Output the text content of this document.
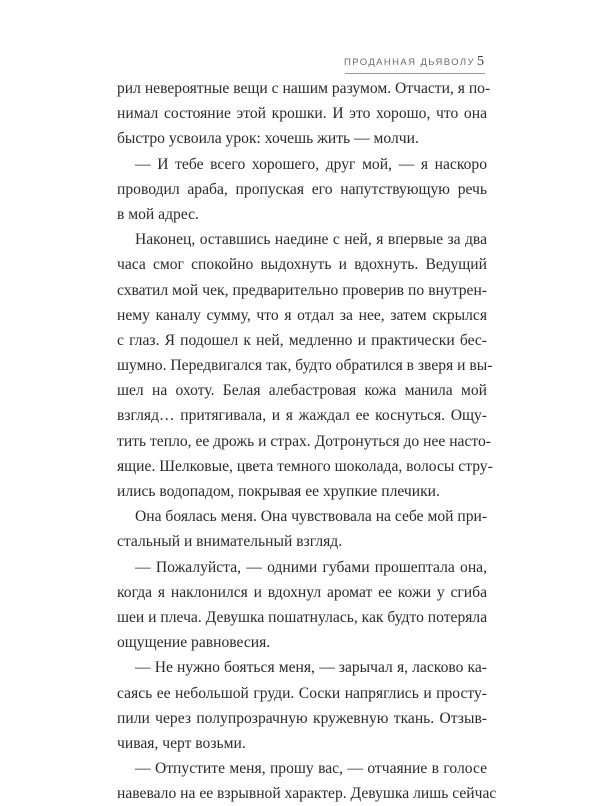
ПРОДАННАЯ ДЬЯВОЛУ 5
рил невероятные вещи с нашим разумом. Отчасти, я по-
нимал состояние этой крошки. И это хорошо, что она
быстро усвоила урок: хочешь жить — молчи.
— И тебе всего хорошего, друг мой, — я наскоро
проводил араба, пропуская его напутствующую речь
в мой адрес.
Наконец, оставшись наедине с ней, я впервые за два
часа смог спокойно выдохнуть и вдохнуть. Ведущий
схватил мой чек, предварительно проверив по внутрен-
нему каналу сумму, что я отдал за нее, затем скрылся
с глаз. Я подошел к ней, медленно и практически бес-
шумно. Передвигался так, будто обратился в зверя и вы-
шел на охоту. Белая алебастровая кожа манила мой
взгляд… притягивала, и я жаждал ее коснуться. Ощу-
тить тепло, ее дрожь и страх. Дотронуться до нее насто-
ящие. Шелковые, цвета темного шоколада, волосы стру-
ились водопадом, покрывая ее хрупкие плечики.
Она боялась меня. Она чувствовала на себе мой при-
стальный и внимательный взгляд.
— Пожалуйста, — одними губами прошептала она,
когда я наклонился и вдохнул аромат ее кожи у сгиба
шеи и плеча. Девушка пошатнулась, как будто потеряла
ощущение равновесия.
— Не нужно бояться меня, — зарычал я, ласково ка-
саясь ее небольшой груди. Соски напряглись и просту-
пили через полупрозрачную кружевную ткань. Отзыв-
чивая, черт возьми.
— Отпустите меня, прошу вас, — отчаяние в голосе
навевало на ее взрывной характер. Девушка лишь сейчас
